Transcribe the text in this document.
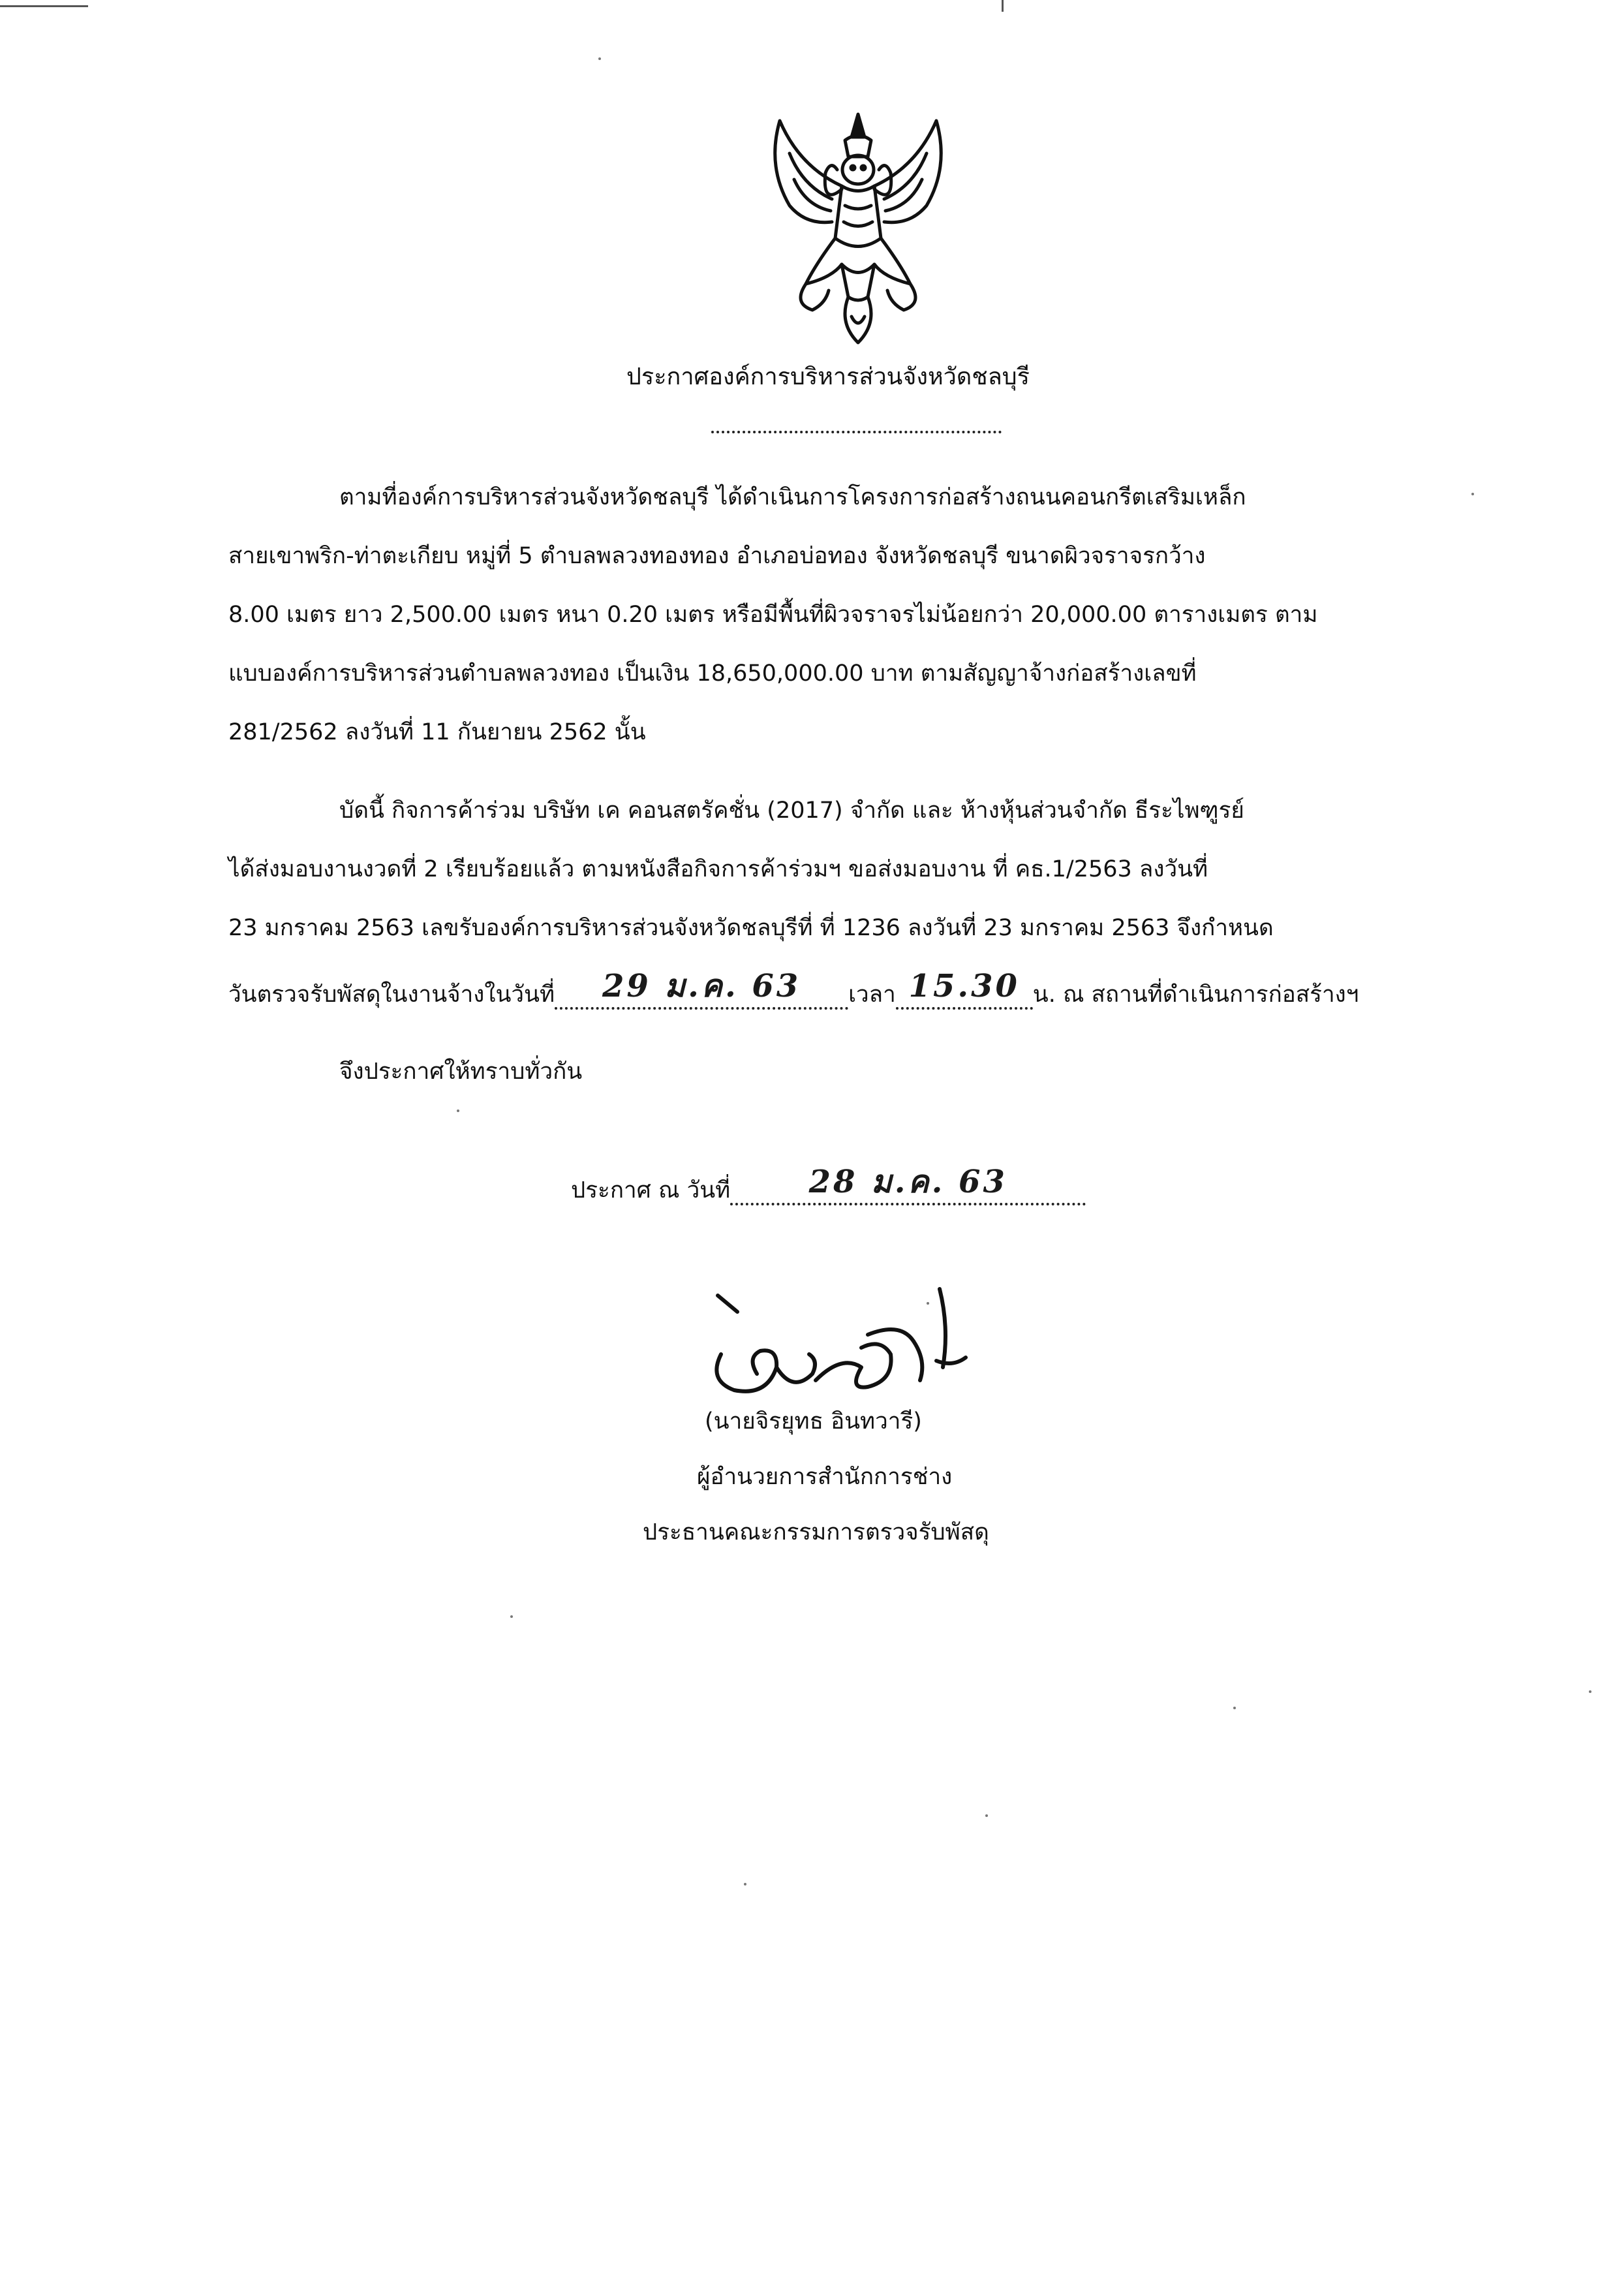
ประกาศองค์การบริหารส่วนจังหวัดชลบุรี
ตามที่องค์การบริหารส่วนจังหวัดชลบุรี ได้ดำเนินการโครงการก่อสร้างถนนคอนกรีตเสริมเหล็ก
สายเขาพริก-ท่าตะเกียบ หมู่ที่ 5 ตำบลพลวงทองทอง อำเภอบ่อทอง จังหวัดชลบุรี ขนาดผิวจราจรกว้าง
8.00 เมตร ยาว 2,500.00 เมตร หนา 0.20 เมตร หรือมีพื้นที่ผิวจราจรไม่น้อยกว่า 20,000.00 ตารางเมตร ตาม
แบบองค์การบริหารส่วนตำบลพลวงทอง เป็นเงิน 18,650,000.00 บาท ตามสัญญาจ้างก่อสร้างเลขที่
281/2562 ลงวันที่ 11 กันยายน 2562 นั้น
บัดนี้ กิจการค้าร่วม บริษัท เค คอนสตรัคชั่น (2017) จำกัด และ ห้างหุ้นส่วนจำกัด ธีระไพฑูรย์
ได้ส่งมอบงานงวดที่ 2 เรียบร้อยแล้ว ตามหนังสือกิจการค้าร่วมฯ ขอส่งมอบงาน ที่ คธ.1/2563 ลงวันที่
23 มกราคม 2563 เลขรับองค์การบริหารส่วนจังหวัดชลบุรีที่ ที่ 1236 ลงวันที่ 23 มกราคม 2563 จึงกำหนด
วันตรวจรับพัสดุในงานจ้างในวันที่ 29 ม.ค. 63 เวลา 15.30 น. ณ สถานที่ดำเนินการก่อสร้างฯ
จึงประกาศให้ทราบทั่วกัน
ประกาศ ณ วันที่	28 ม.ค. 63
(นายจิรยุทธ อินทวารี)
ผู้อำนวยการสำนักการช่าง
ประธานคณะกรรมการตรวจรับพัสดุ
